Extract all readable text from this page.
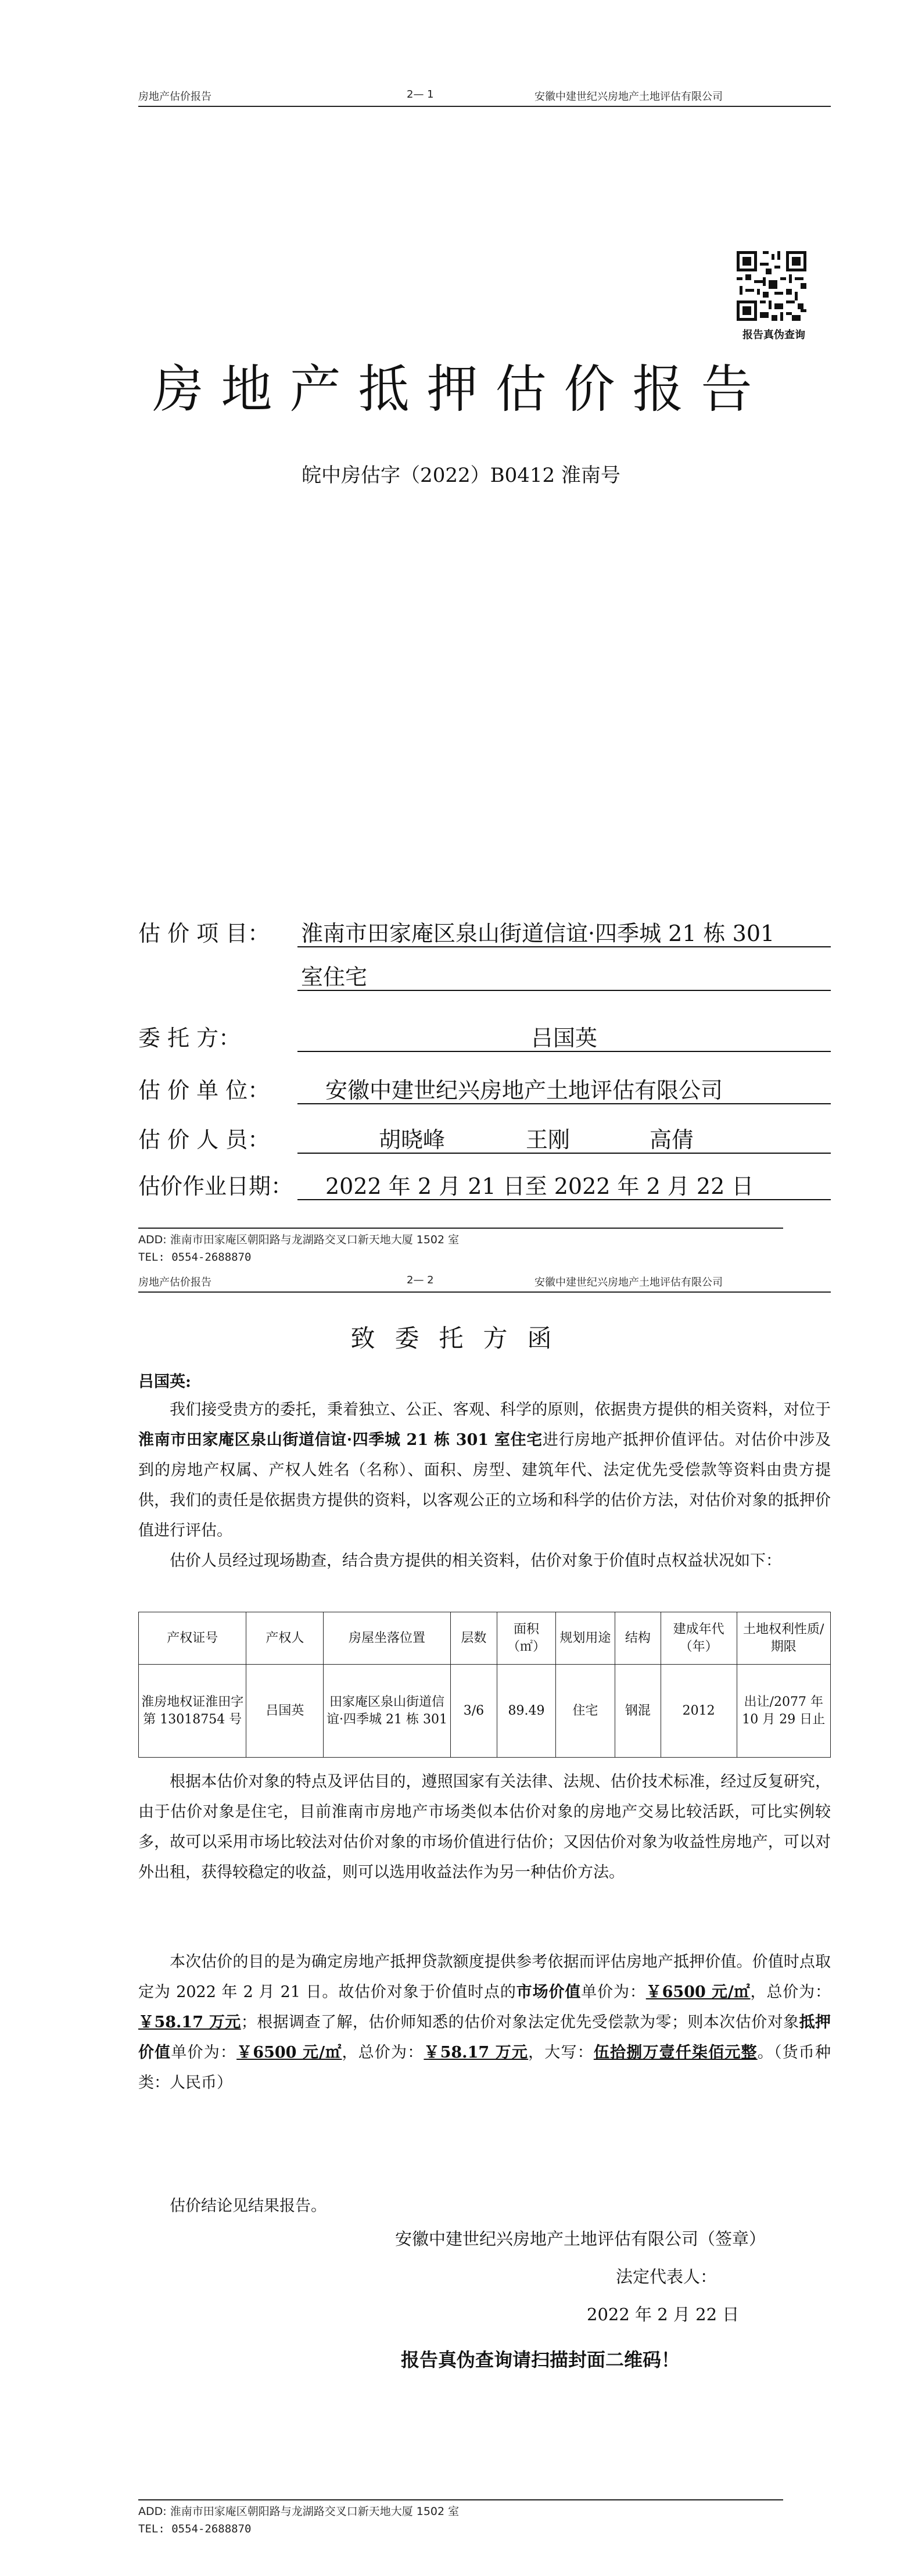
房地产估价报告	2— 1	安徽中建世纪兴房地产土地评估有限公司
报告真伪查询
房地产抵押估价报告
皖中房估字（2022）B0412 淮南号
估 价 项 目： 淮南市田家庵区泉山街道信谊·四季城 21 栋 301
室住宅
委 托 方：	吕国英
估 价 单 位：	安徽中建世纪兴房地产土地评估有限公司
估 价 人 员：	胡晓峰	王刚	高倩
估价作业日期： 2022 年 2 月 21 日至 2022 年 2 月 22 日
ADD: 淮南市田家庵区朝阳路与龙湖路交叉口新天地大厦 1502 室
TEL: 0554-2688870
房地产估价报告	2— 2	安徽中建世纪兴房地产土地评估有限公司
致委托方函
吕国英:
我们接受贵方的委托，秉着独立、公正、客观、科学的原则，依据贵方提供的相关资料，对位于淮南市田家庵区泉山街道信谊·四季城 21 栋 301 室住宅进行房地产抵押价值评估。对估价中涉及到的房地产权属、产权人姓名（名称）、面积、房型、建筑年代、法定优先受偿款等资料由贵方提供，我们的责任是依据贵方提供的资料，以客观公正的立场和科学的估价方法，对估价对象的抵押价值进行评估。
估价人员经过现场勘查，结合贵方提供的相关资料，估价对象于价值时点权益状况如下：
产权证号	产权人	房屋坐落位置	层数	面积（㎡）	规划用途	结构	建成年代（年）	土地权利性质/期限
淮房地权证淮田字第 13018754 号	吕国英	田家庵区泉山街道信谊·四季城 21 栋 301	3/6	89.49	住宅	钢混	2012	出让/2077 年 10 月 29 日止
根据本估价对象的特点及评估目的，遵照国家有关法律、法规、估价技术标准，经过反复研究，由于估价对象是住宅，目前淮南市房地产市场类似本估价对象的房地产交易比较活跃，可比实例较多，故可以采用市场比较法对估价对象的市场价值进行估价；又因估价对象为收益性房地产，可以对外出租，获得较稳定的收益，则可以选用收益法作为另一种估价方法。
本次估价的目的是为确定房地产抵押贷款额度提供参考依据而评估房地产抵押价值。价值时点取定为 2022 年 2 月 21 日。故估价对象于价值时点的市场价值单价为：￥6500 元/㎡，总价为：￥58.17 万元；根据调查了解，估价师知悉的估价对象法定优先受偿款为零；则本次估价对象抵押价值单价为：￥6500 元/㎡，总价为：￥58.17 万元，大写：伍拾捌万壹仟柒佰元整。（货币种类：人民币）
估价结论见结果报告。
安徽中建世纪兴房地产土地评估有限公司（签章）
法定代表人：
2022 年 2 月 22 日
报告真伪查询请扫描封面二维码！
ADD: 淮南市田家庵区朝阳路与龙湖路交叉口新天地大厦 1502 室
TEL: 0554-2688870
